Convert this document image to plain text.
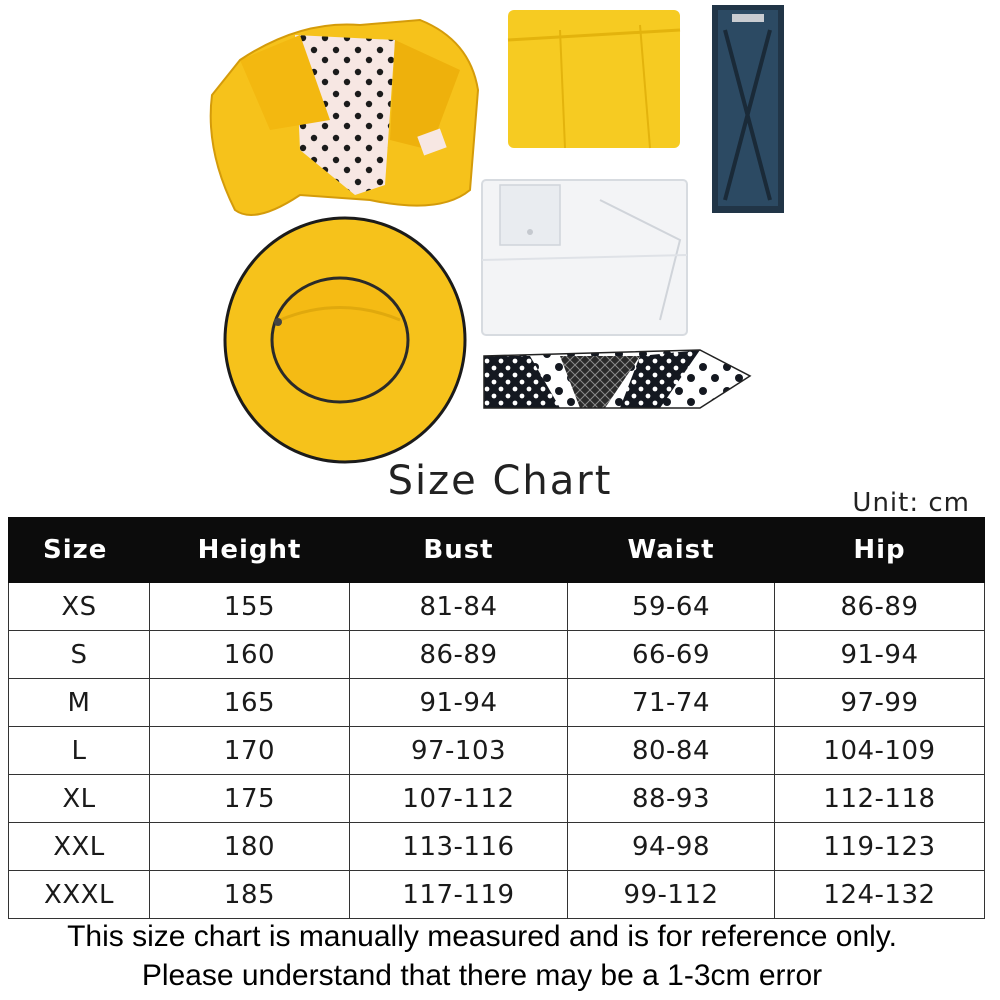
Size Chart	Unit: cm
Size	Height	Bust	Waist	Hip
XS	155	81-84	59-64	86-89
S	160	86-89	66-69	91-94
M	165	91-94	71-74	97-99
L	170	97-103	80-84	104-109
XL	175	107-112	88-93	112-118
XXL	180	113-116	94-98	119-123
XXXL	185	117-119	99-112	124-132
This size chart is manually measured and is for reference only.
Please understand that there may be a 1-3cm error
